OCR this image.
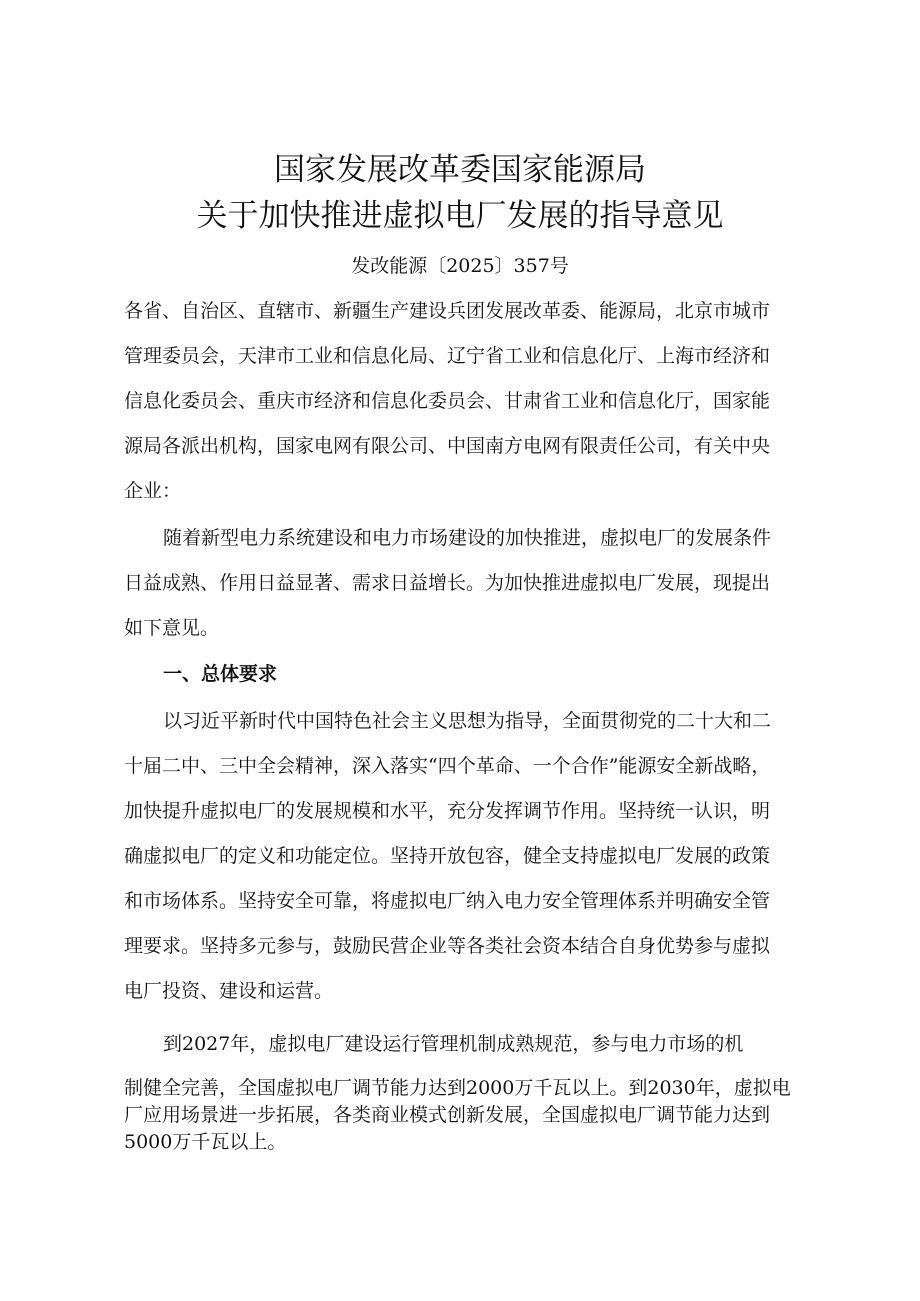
国家发展改革委国家能源局
关于加快推进虚拟电厂发展的指导意见
发改能源〔2025〕357号
各省、自治区、直辖市、新疆生产建设兵团发展改革委、能源局，北京市城市
管理委员会，天津市工业和信息化局、辽宁省工业和信息化厅、上海市经济和
信息化委员会、重庆市经济和信息化委员会、甘肃省工业和信息化厅，国家能
源局各派出机构，国家电网有限公司、中国南方电网有限责任公司，有关中央
企业：
随着新型电力系统建设和电力市场建设的加快推进，虚拟电厂的发展条件
日益成熟、作用日益显著、需求日益增长。为加快推进虚拟电厂发展，现提出
如下意见。
一、总体要求
以习近平新时代中国特色社会主义思想为指导，全面贯彻党的二十大和二
十届二中、三中全会精神，深入落实“四个革命、一个合作”能源安全新战略，
加快提升虚拟电厂的发展规模和水平，充分发挥调节作用。坚持统一认识，明
确虚拟电厂的定义和功能定位。坚持开放包容，健全支持虚拟电厂发展的政策
和市场体系。坚持安全可靠，将虚拟电厂纳入电力安全管理体系并明确安全管
理要求。坚持多元参与，鼓励民营企业等各类社会资本结合自身优势参与虚拟
电厂投资、建设和运营。
到2027年，虚拟电厂建设运行管理机制成熟规范，参与电力市场的机
制健全完善，全国虚拟电厂调节能力达到2000万千瓦以上。到2030年，虚拟电
厂应用场景进一步拓展，各类商业模式创新发展，全国虚拟电厂调节能力达到
5000万千瓦以上。
